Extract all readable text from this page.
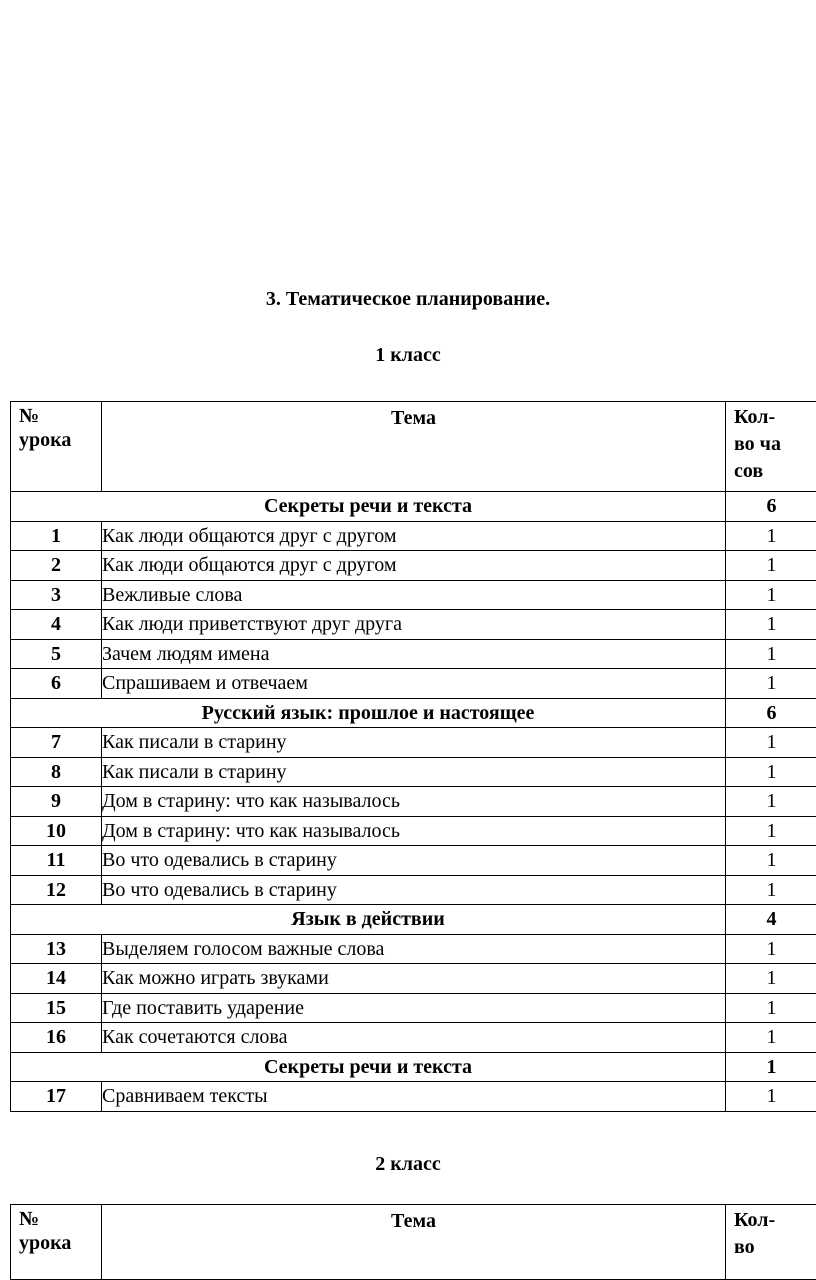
3. Тематическое планирование.
1 класс
№ урока	Тема	Кол-во часов
Секреты речи и текста		6
1	Как люди общаются друг с другом	1
2	Как люди общаются друг с другом	1
3	Вежливые слова	1
4	Как люди приветствуют друг друга	1
5	Зачем людям имена	1
6	Спрашиваем и отвечаем	1
Русский язык: прошлое и настоящее		6
7	Как писали в старину	1
8	Как писали в старину	1
9	Дом в старину: что как называлось	1
10	Дом в старину: что как называлось	1
11	Во что одевались в старину	1
12	Во что одевались в старину	1
Язык в действии		4
13	Выделяем голосом важные слова	1
14	Как можно играть звуками	1
15	Где поставить ударение	1
16	Как сочетаются слова	1
Секреты речи и текста		1
17	Сравниваем тексты	1
2 класс
№ урока	Тема	Кол-во
